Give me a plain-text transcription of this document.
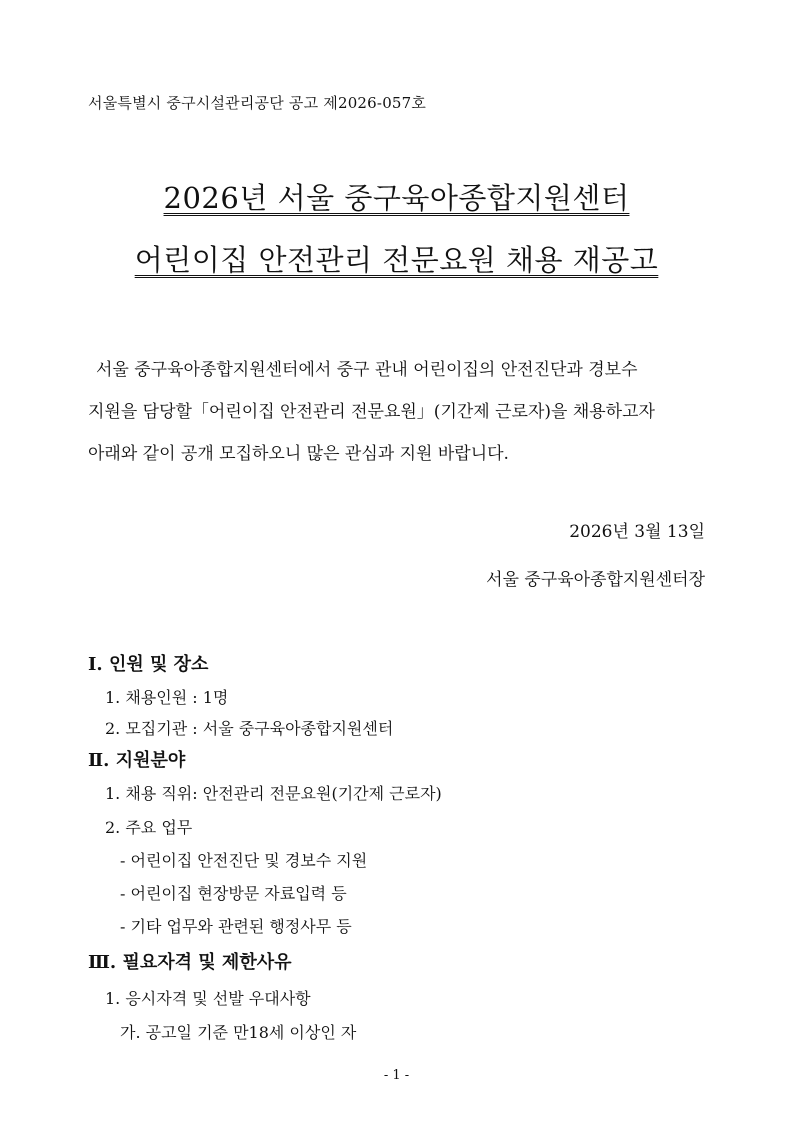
서울특별시 중구시설관리공단 공고 제2026-057호
2026년 서울 중구육아종합지원센터
어린이집 안전관리 전문요원 채용 재공고
서울 중구육아종합지원센터에서 중구 관내 어린이집의 안전진단과 경보수
지원을 담당할「어린이집 안전관리 전문요원」(기간제 근로자)을 채용하고자
아래와 같이 공개 모집하오니 많은 관심과 지원 바랍니다.
2026년 3월 13일
서울 중구육아종합지원센터장
Ⅰ. 인원 및 장소
1. 채용인원 : 1명
2. 모집기관 : 서울 중구육아종합지원센터
Ⅱ. 지원분야
1. 채용 직위: 안전관리 전문요원(기간제 근로자)
2. 주요 업무
- 어린이집 안전진단 및 경보수 지원
- 어린이집 현장방문 자료입력 등
- 기타 업무와 관련된 행정사무 등
Ⅲ. 필요자격 및 제한사유
1. 응시자격 및 선발 우대사항
가. 공고일 기준 만18세 이상인 자
- 1 -
